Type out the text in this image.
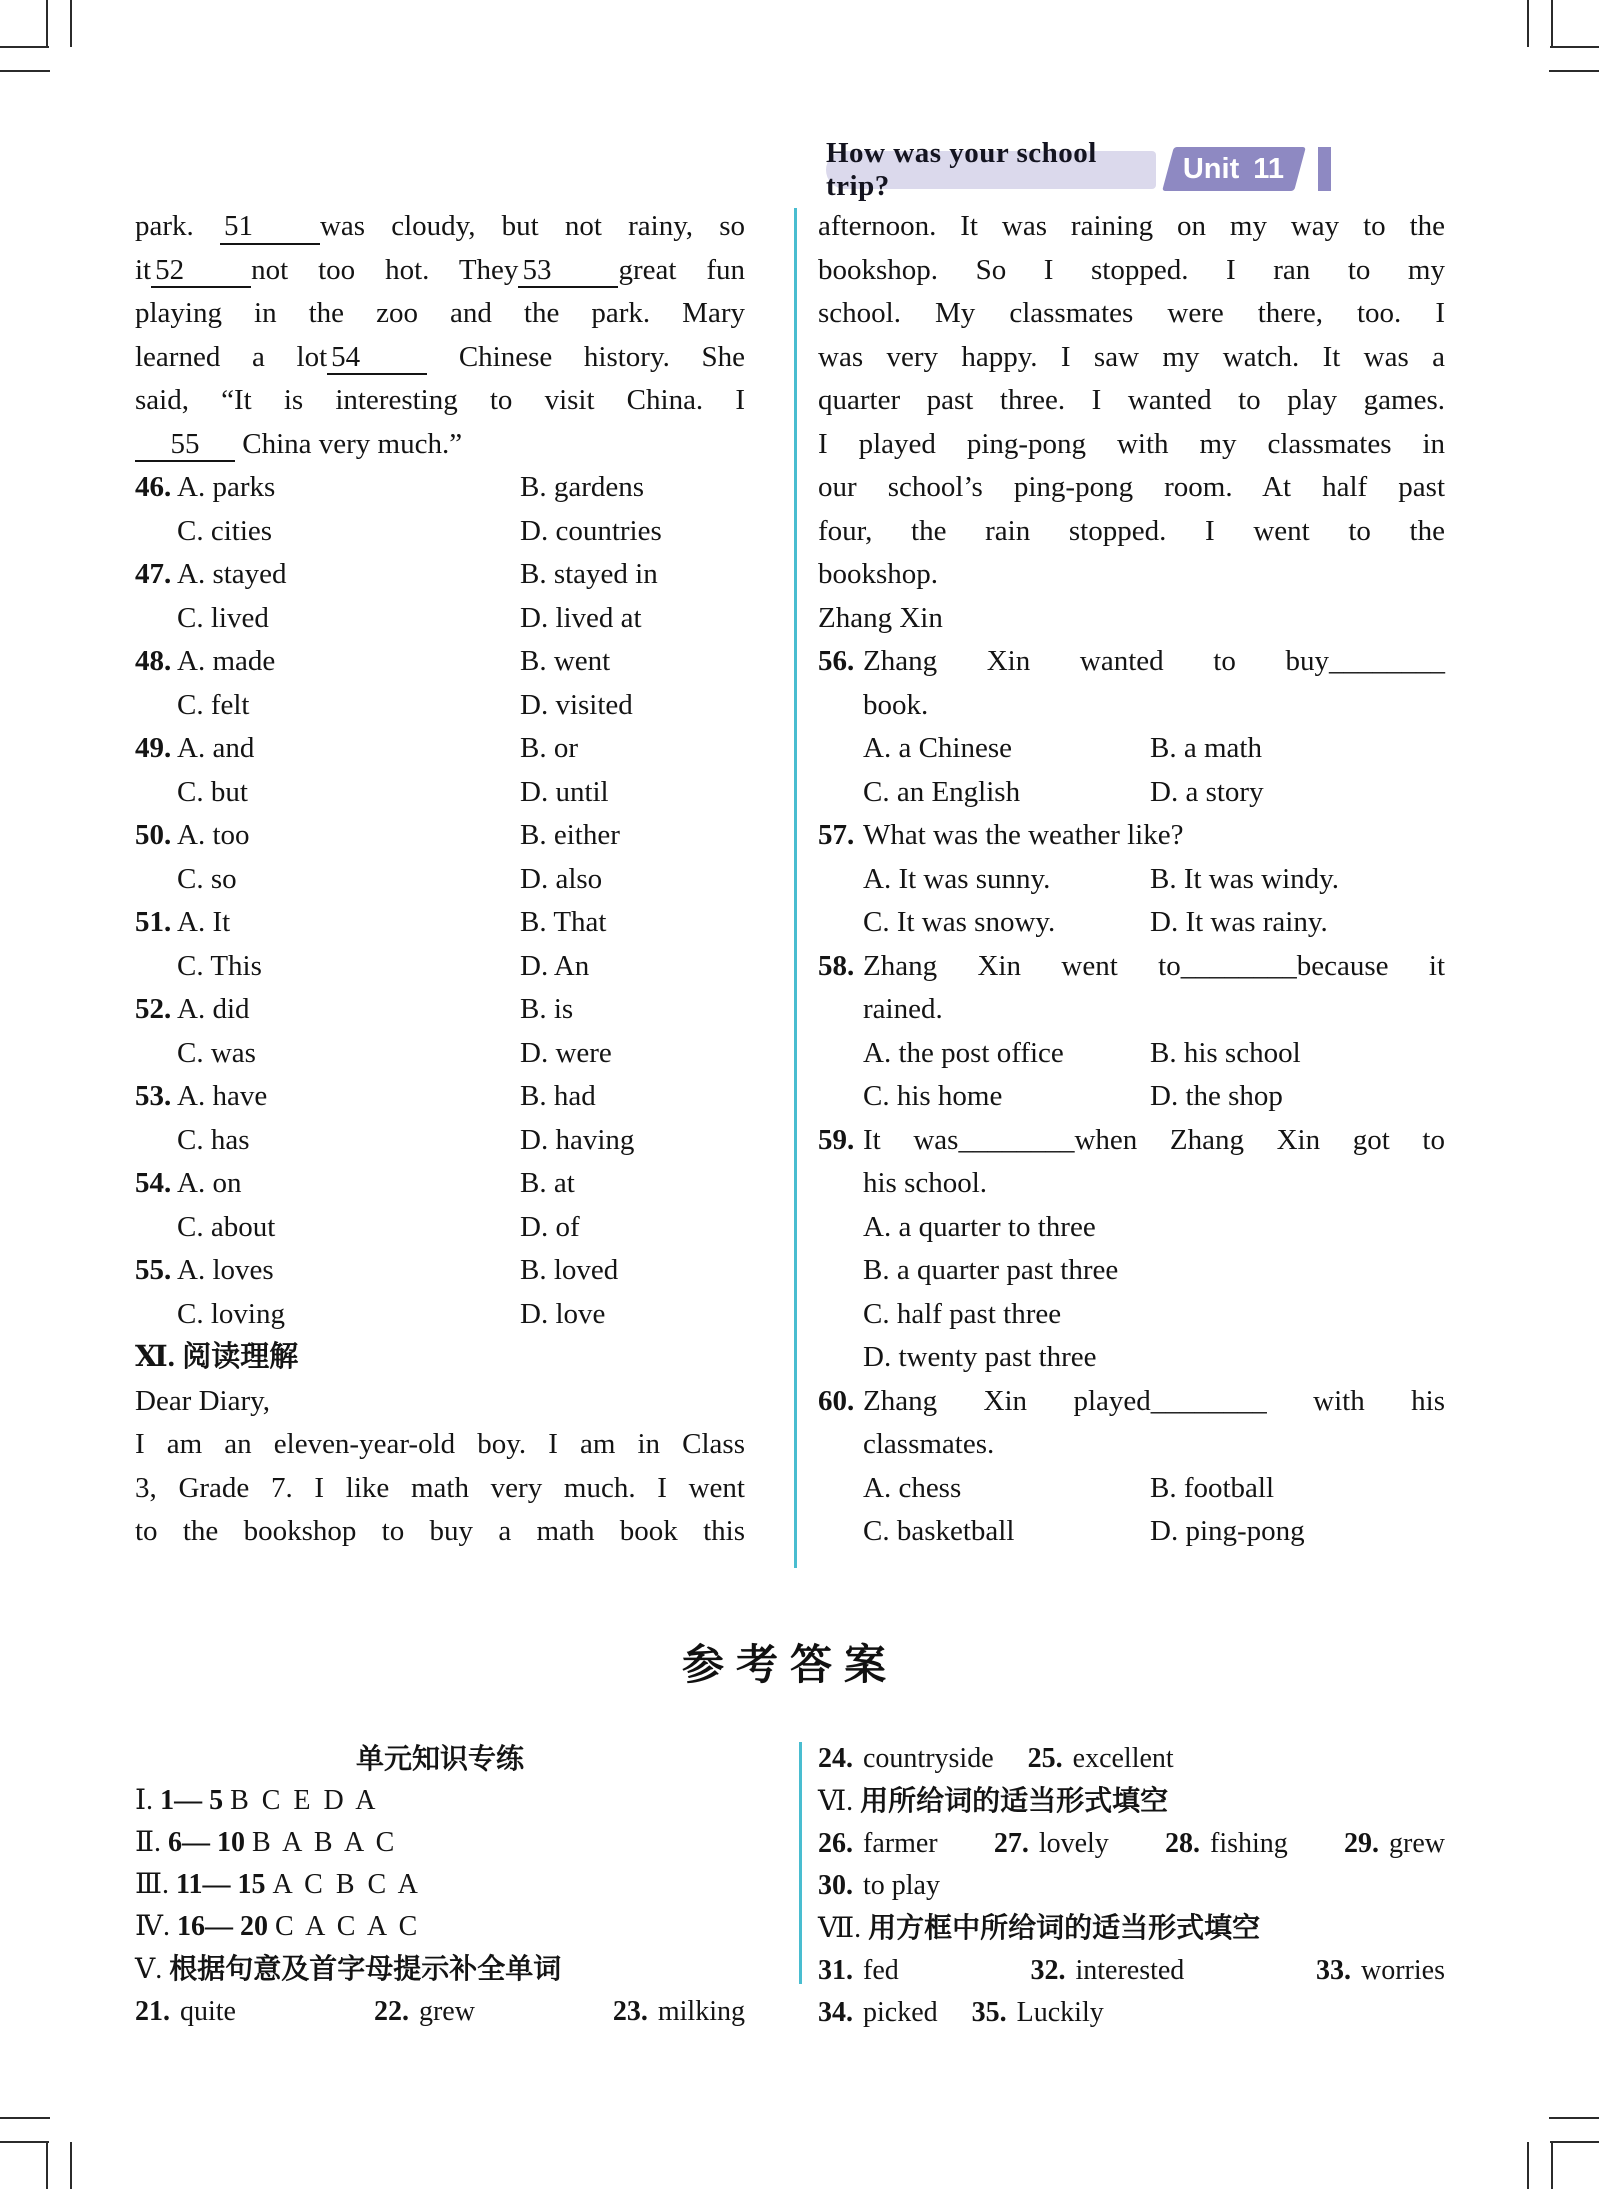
How was your school trip?
Unit 11
park. 51 was cloudy, but not rainy, so
it 52 not too hot. They 53 great fun
playing in the zoo and the park. Mary
learned a lot 54	Chinese history. She
said, “It is interesting to visit China. I
55 China very much.”
46. A. parks	B. gardens
C. cities	D. countries
47. A. stayed	B. stayed in
C. lived	D. lived at
48. A. made	B. went
C. felt	D. visited
49. A. and	B. or
C. but	D. until
50. A. too	B. either
C. so	D. also
51. A. It	B. That
C. This	D. An
52. A. did	B. is
C. was	D. were
53. A. have	B. had
C. has	D. having
54. A. on	B. at
C. about	D. of
55. A. loves	B. loved
C. loving	D. love
Ⅺ. 阅读理解
Dear Diary,
I am an eleven-year-old boy. I am in Class
3, Grade 7. I like math very much. I went
to the bookshop to buy a math book this
afternoon. It was raining on my way to the
bookshop. So I stopped. I ran to my
school. My classmates were there, too. I
was very happy. I saw my watch. It was a
quarter past three. I wanted to play games.
I played ping-pong with my classmates in
our school’s ping-pong room. At half past
four, the rain stopped. I went to the
bookshop.
Zhang Xin
56. Zhang Xin wanted to buy________
book.
A. a Chinese	B. a math
C. an English	D. a story
57. What was the weather like?
A. It was sunny.	B. It was windy.
C. It was snowy.	D. It was rainy.
58. Zhang Xin went to________because it
rained.
A. the post office	B. his school
C. his home	D. the shop
59. It was________when Zhang Xin got to
his school.
A. a quarter to three
B. a quarter past three
C. half past three
D. twenty past three
60. Zhang Xin played________ with his
classmates.
A. chess	B. football
C. basketball	D. ping-pong
参考答案
单元知识专练
Ⅰ. 1— 5 B C E D A
Ⅱ. 6— 10 B A B A C
Ⅲ. 11— 15 A C B C A
Ⅳ. 16— 20 C A C A C
Ⅴ. 根据句意及首字母提示补全单词
21. quite	22. grew	23. milking
24. countryside 25. excellent
Ⅵ. 用所给词的适当形式填空
26. farmer 27. lovely 28. fishing 29. grew
30. to play
Ⅶ. 用方框中所给词的适当形式填空
31. fed	32. interested	33. worries
34. picked 35. Luckily
